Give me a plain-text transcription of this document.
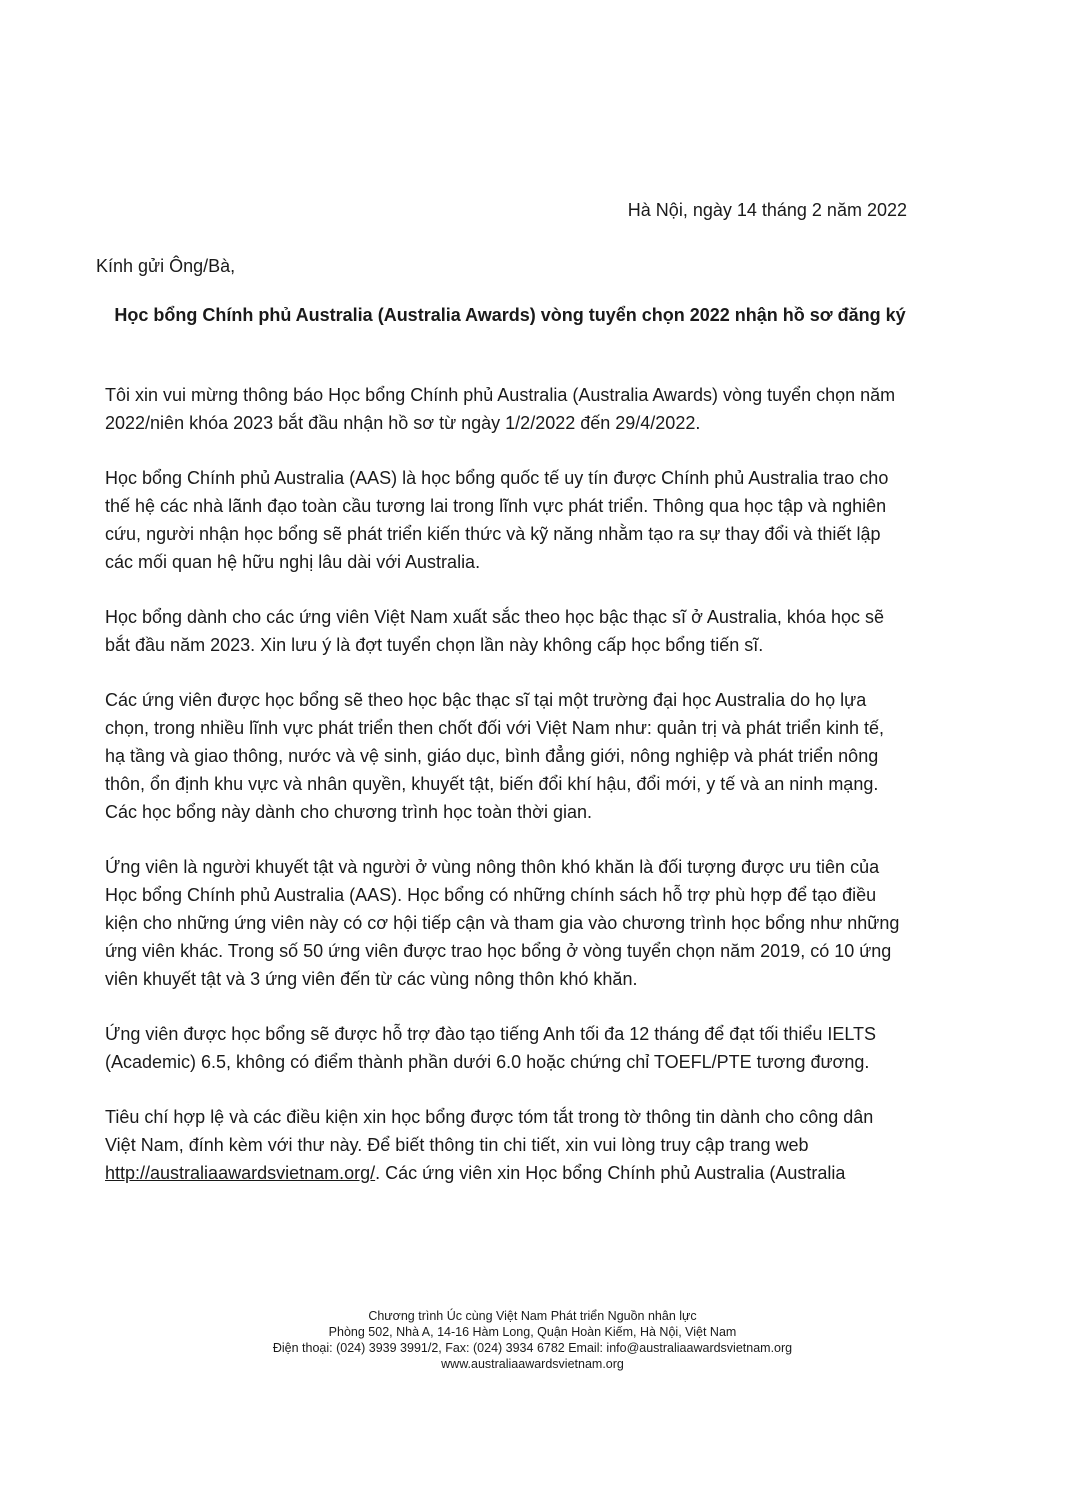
Hà Nội, ngày 14 tháng 2 năm 2022
Kính gửi Ông/Bà,
Học bổng Chính phủ Australia (Australia Awards) vòng tuyển chọn 2022 nhận hồ sơ đăng ký

Tôi xin vui mừng thông báo Học bổng Chính phủ Australia (Australia Awards) vòng tuyển chọn năm 2022/niên khóa 2023 bắt đầu nhận hồ sơ từ ngày 1/2/2022 đến 29/4/2022.

Học bổng Chính phủ Australia (AAS) là học bổng quốc tế uy tín được Chính phủ Australia trao cho thế hệ các nhà lãnh đạo toàn cầu tương lai trong lĩnh vực phát triển. Thông qua học tập và nghiên cứu, người nhận học bổng sẽ phát triển kiến thức và kỹ năng nhằm tạo ra sự thay đổi và thiết lập các mối quan hệ hữu nghị lâu dài với Australia.

Học bổng dành cho các ứng viên Việt Nam xuất sắc theo học bậc thạc sĩ ở Australia, khóa học sẽ bắt đầu năm 2023. Xin lưu ý là đợt tuyển chọn lần này không cấp học bổng tiến sĩ.

Các ứng viên được học bổng sẽ theo học bậc thạc sĩ tại một trường đại học Australia do họ lựa chọn, trong nhiều lĩnh vực phát triển then chốt đối với Việt Nam như: quản trị và phát triển kinh tế, hạ tầng và giao thông, nước và vệ sinh, giáo dục, bình đẳng giới, nông nghiệp và phát triển nông thôn, ổn định khu vực và nhân quyền, khuyết tật, biến đổi khí hậu, đổi mới, y tế và an ninh mạng. Các học bổng này dành cho chương trình học toàn thời gian.

Ứng viên là người khuyết tật và người ở vùng nông thôn khó khăn là đối tượng được ưu tiên của Học bổng Chính phủ Australia (AAS). Học bổng có những chính sách hỗ trợ phù hợp để tạo điều kiện cho những ứng viên này có cơ hội tiếp cận và tham gia vào chương trình học bổng như những ứng viên khác. Trong số 50 ứng viên được trao học bổng ở vòng tuyển chọn năm 2019, có 10 ứng viên khuyết tật và 3 ứng viên đến từ các vùng nông thôn khó khăn.

Ứng viên được học bổng sẽ được hỗ trợ đào tạo tiếng Anh tối đa 12 tháng để đạt tối thiểu IELTS (Academic) 6.5, không có điểm thành phần dưới 6.0 hoặc chứng chỉ TOEFL/PTE tương đương.

Tiêu chí hợp lệ và các điều kiện xin học bổng được tóm tắt trong tờ thông tin dành cho công dân Việt Nam, đính kèm với thư này. Để biết thông tin chi tiết, xin vui lòng truy cập trang web http://australiaawardsvietnam.org/. Các ứng viên xin Học bổng Chính phủ Australia (Australia

Chương trình Úc cùng Việt Nam Phát triển Nguồn nhân lực
Phòng 502, Nhà A, 14-16 Hàm Long, Quận Hoàn Kiếm, Hà Nội, Việt Nam
Điện thoại: (024) 3939 3991/2, Fax: (024) 3934 6782 Email: info@australiaawardsvietnam.org
www.australiaawardsvietnam.org
